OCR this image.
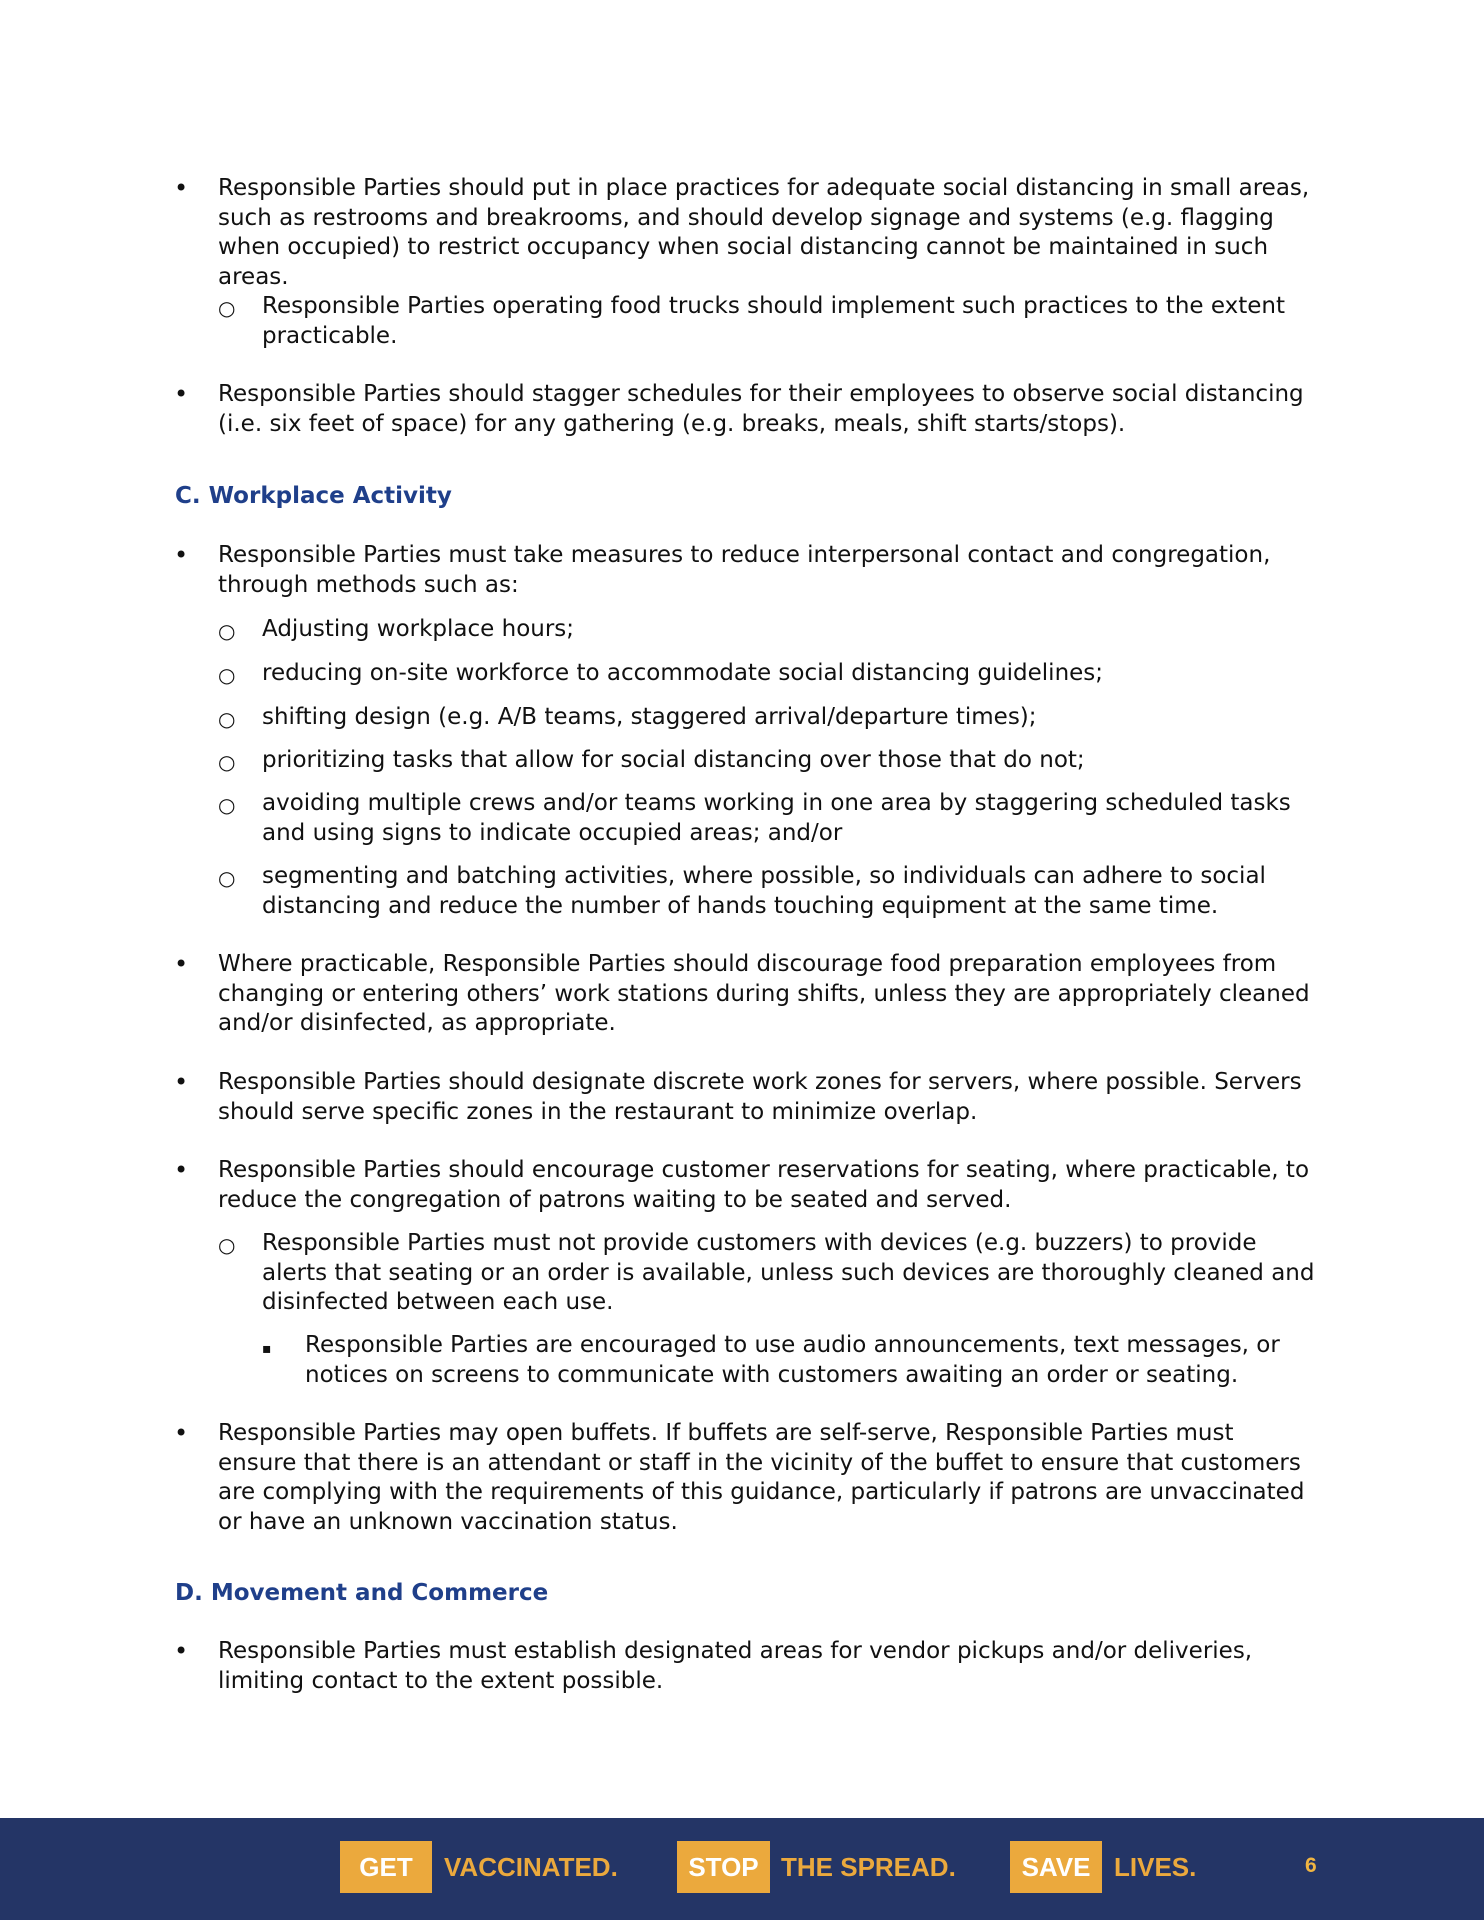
• Responsible Parties should put in place practices for adequate social distancing in small areas, such as restrooms and breakrooms, and should develop signage and systems (e.g. flagging when occupied) to restrict occupancy when social distancing cannot be maintained in such areas.
○ Responsible Parties operating food trucks should implement such practices to the extent practicable.
• Responsible Parties should stagger schedules for their employees to observe social distancing (i.e. six feet of space) for any gathering (e.g. breaks, meals, shift starts/stops).
C. Workplace Activity
• Responsible Parties must take measures to reduce interpersonal contact and congregation, through methods such as:
○ Adjusting workplace hours;
○ reducing on-site workforce to accommodate social distancing guidelines;
○ shifting design (e.g. A/B teams, staggered arrival/departure times);
○ prioritizing tasks that allow for social distancing over those that do not;
○ avoiding multiple crews and/or teams working in one area by staggering scheduled tasks and using signs to indicate occupied areas; and/or
○ segmenting and batching activities, where possible, so individuals can adhere to social distancing and reduce the number of hands touching equipment at the same time.
• Where practicable, Responsible Parties should discourage food preparation employees from changing or entering others’ work stations during shifts, unless they are appropriately cleaned and/or disinfected, as appropriate.
• Responsible Parties should designate discrete work zones for servers, where possible. Servers should serve specific zones in the restaurant to minimize overlap.
• Responsible Parties should encourage customer reservations for seating, where practicable, to reduce the congregation of patrons waiting to be seated and served.
○ Responsible Parties must not provide customers with devices (e.g. buzzers) to provide alerts that seating or an order is available, unless such devices are thoroughly cleaned and disinfected between each use.
▪ Responsible Parties are encouraged to use audio announcements, text messages, or notices on screens to communicate with customers awaiting an order or seating.
• Responsible Parties may open buffets. If buffets are self-serve, Responsible Parties must ensure that there is an attendant or staff in the vicinity of the buffet to ensure that customers are complying with the requirements of this guidance, particularly if patrons are unvaccinated or have an unknown vaccination status.
D. Movement and Commerce
• Responsible Parties must establish designated areas for vendor pickups and/or deliveries, limiting contact to the extent possible.
GET	VACCINATED.	STOP THE SPREAD.	SAVE LIVES.	6
